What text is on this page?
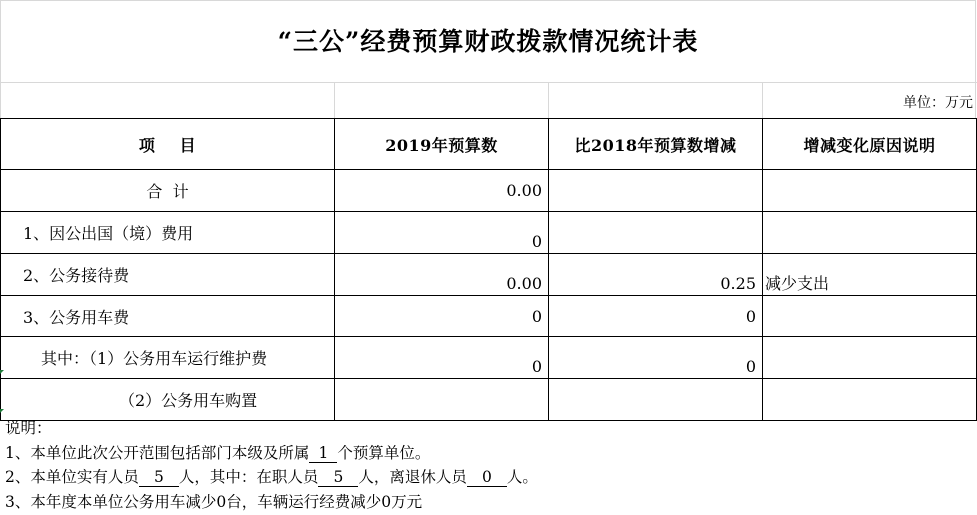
“三公”经费预算财政拨款情况统计表
单位：万元
项    目	2019年预算数	比2018年预算数增减	增减变化原因说明
合  计	0.00		
1、因公出国（境）费用	0		
2、公务接待费	0.00	0.25	减少支出
3、公务用车费	0	0	
其中：（1）公务用车运行维护费	0	0	
（2）公务用车购置			
说明：
1、本单位此次公开范围包括部门本级及所属 1 个预算单位。
2、本单位实有人员 5 人，其中：在职人员 5 人，离退休人员 0 人。
3、本年度本单位公务用车减少0台，车辆运行经费减少0万元
